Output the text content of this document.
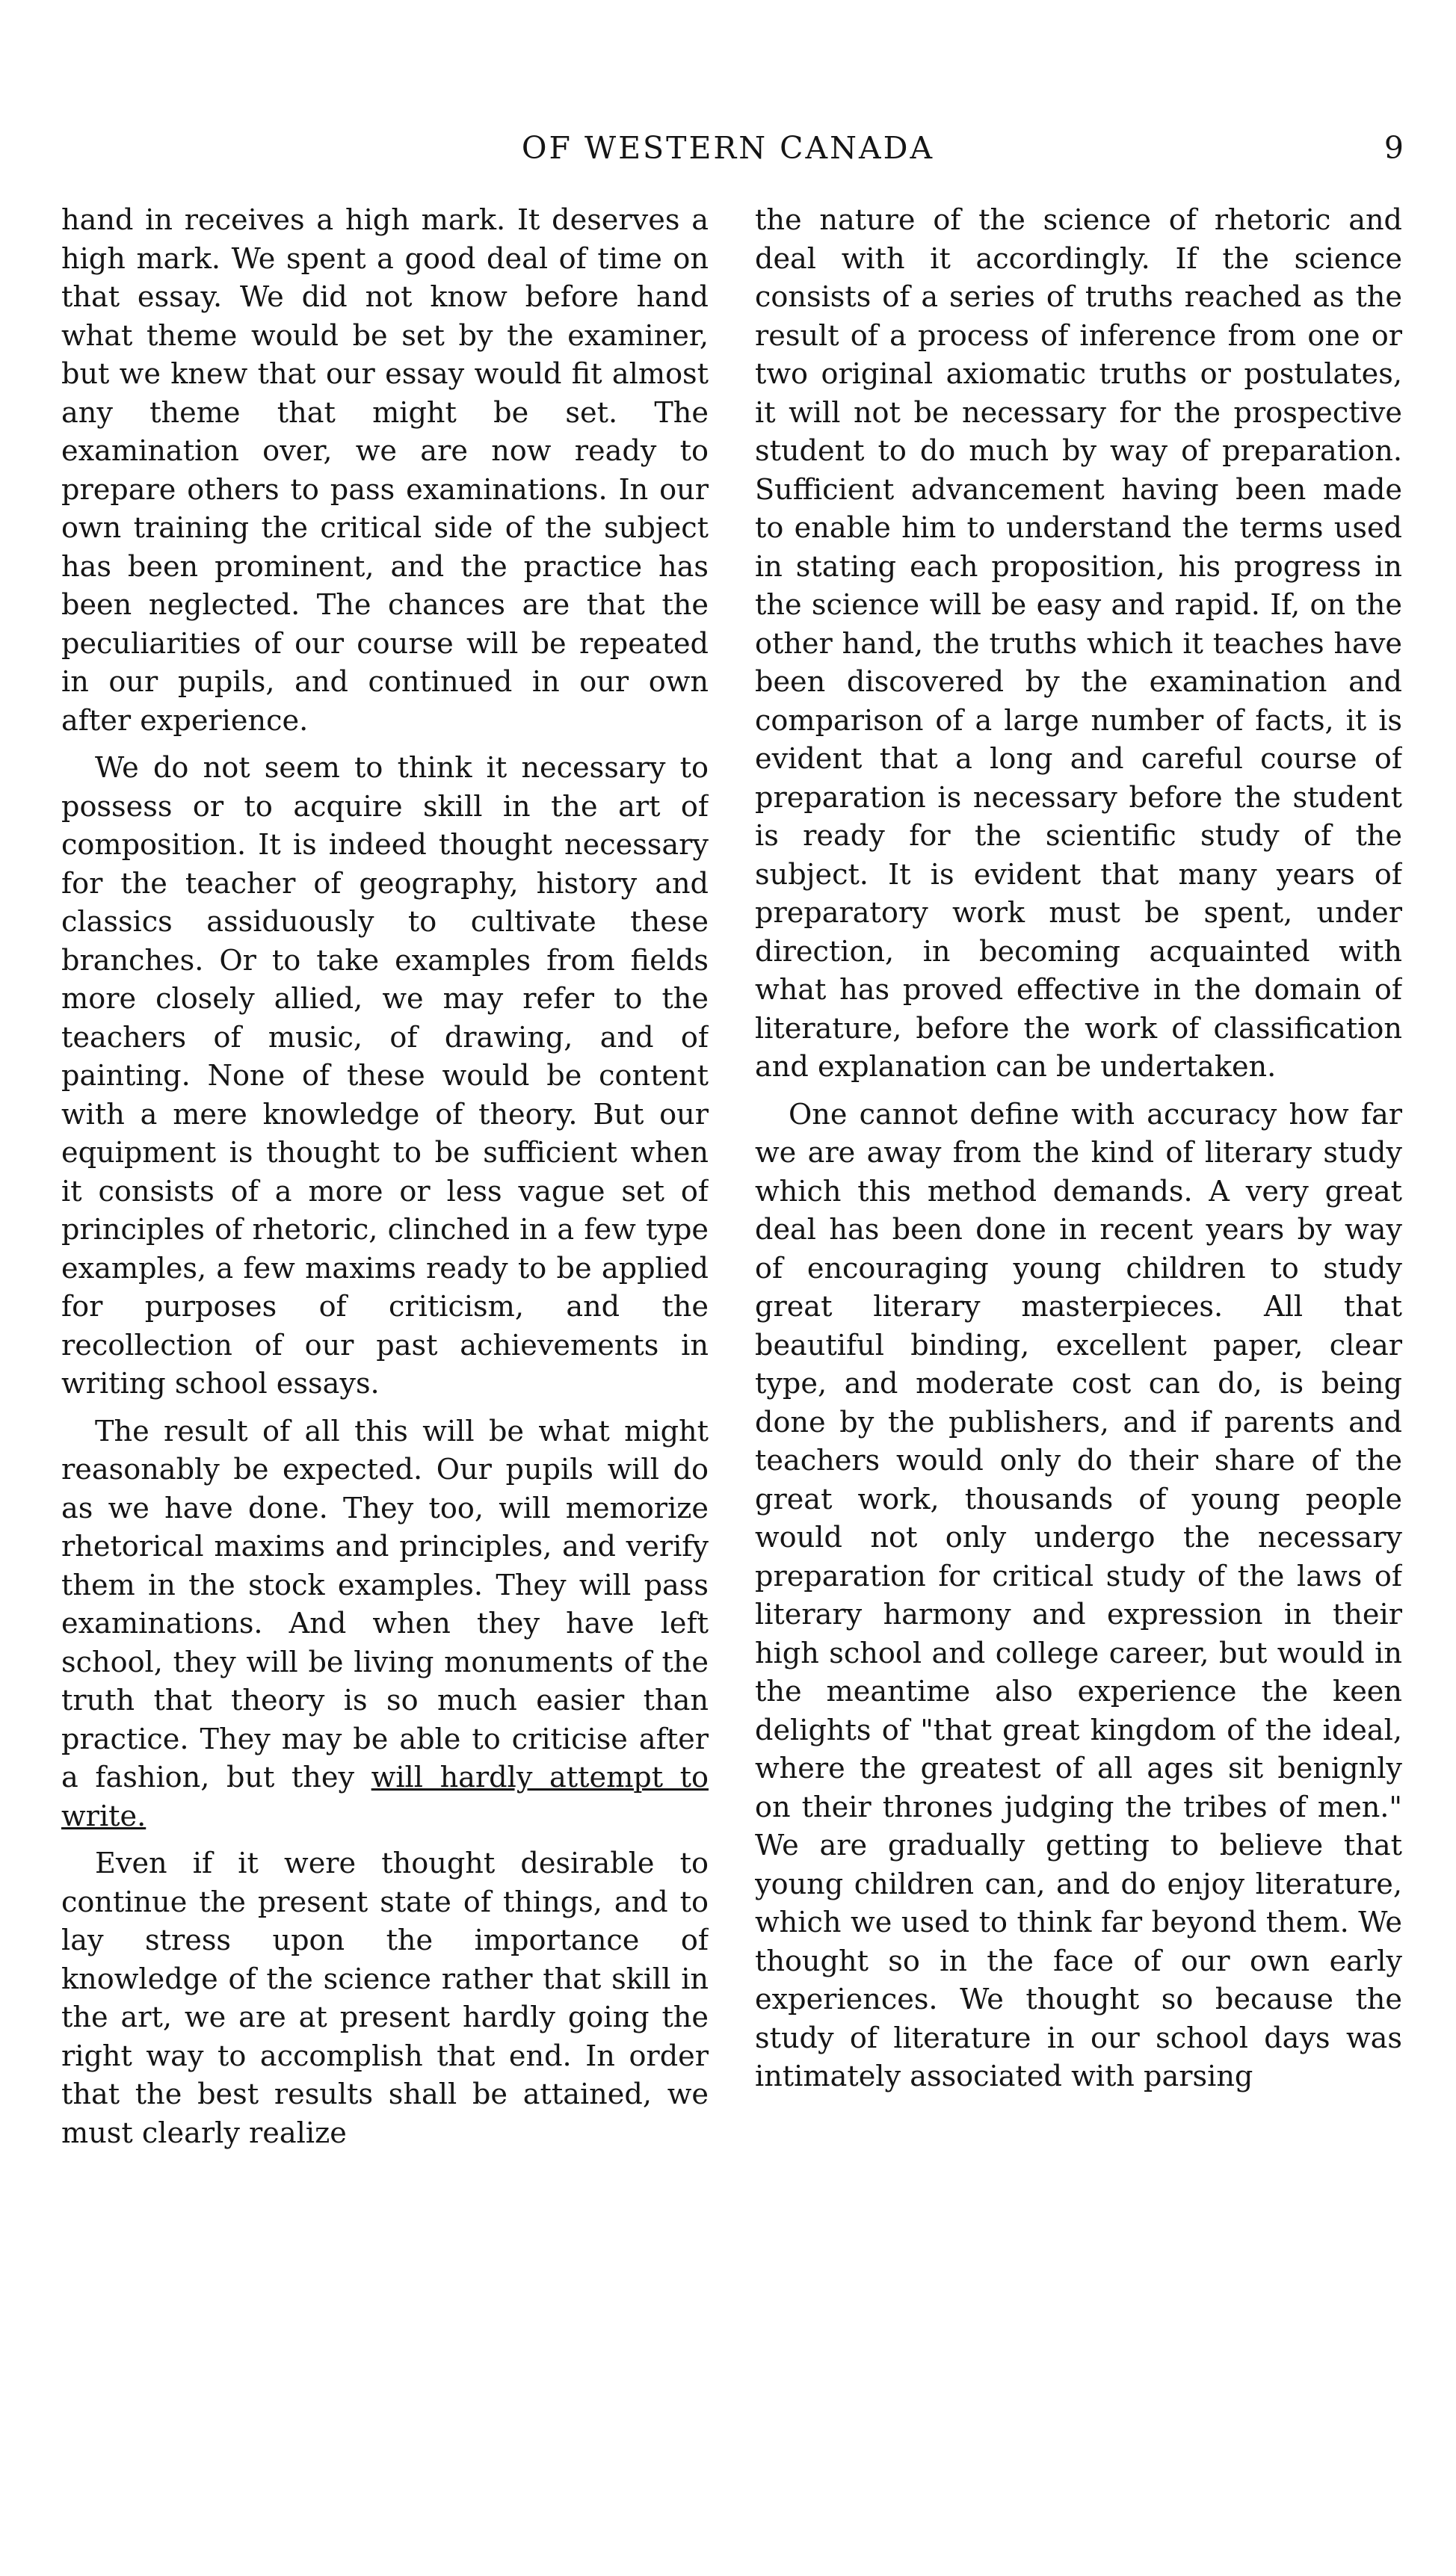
OF WESTERN CANADA	9

hand in receives a high mark. It deserves a high mark. We spent a good deal of time on that essay. We did not know before hand what theme would be set by the examiner, but we knew that our essay would fit almost any theme that might be set. The examination over, we are now ready to prepare others to pass examinations. In our own training the critical side of the subject has been prominent, and the practice has been neglected. The chances are that the peculiarities of our course will be repeated in our pupils, and continued in our own after experience.

We do not seem to think it necessary to possess or to acquire skill in the art of composition. It is indeed thought necessary for the teacher of geography, history and classics assiduously to cultivate these branches. Or to take examples from fields more closely allied, we may refer to the teachers of music, of drawing, and of painting. None of these would be content with a mere knowledge of theory. But our equipment is thought to be sufficient when it consists of a more or less vague set of principles of rhetoric, clinched in a few type examples, a few maxims ready to be applied for purposes of criticism, and the recollection of our past achievements in writing school essays.

The result of all this will be what might reasonably be expected. Our pupils will do as we have done. They too, will memorize rhetorical maxims and principles, and verify them in the stock examples. They will pass examinations. And when they have left school, they will be living monuments of the truth that theory is so much easier than practice. They may be able to criticise after a fashion, but they will hardly attempt to write.

Even if it were thought desirable to continue the present state of things, and to lay stress upon the importance of knowledge of the science rather that skill in the art, we are at present hardly going the right way to accomplish that end. In order that the best results shall be attained, we must clearly realize

the nature of the science of rhetoric and deal with it accordingly. If the science consists of a series of truths reached as the result of a process of inference from one or two original axiomatic truths or postulates, it will not be necessary for the prospective student to do much by way of preparation. Sufficient advancement having been made to enable him to understand the terms used in stating each proposition, his progress in the science will be easy and rapid. If, on the other hand, the truths which it teaches have been discovered by the examination and comparison of a large number of facts, it is evident that a long and careful course of preparation is necessary before the student is ready for the scientific study of the subject. It is evident that many years of preparatory work must be spent, under direction, in becoming acquainted with what has proved effective in the domain of literature, before the work of classification and explanation can be undertaken.

One cannot define with accuracy how far we are away from the kind of literary study which this method demands. A very great deal has been done in recent years by way of encouraging young children to study great literary masterpieces. All that beautiful binding, excellent paper, clear type, and moderate cost can do, is being done by the publishers, and if parents and teachers would only do their share of the great work, thousands of young people would not only undergo the necessary preparation for critical study of the laws of literary harmony and expression in their high school and college career, but would in the meantime also experience the keen delights of "that great kingdom of the ideal, where the greatest of all ages sit benignly on their thrones judging the tribes of men." We are gradually getting to believe that young children can, and do enjoy literature, which we used to think far beyond them. We thought so in the face of our own early experiences. We thought so because the study of literature in our school days was intimately associated with parsing
